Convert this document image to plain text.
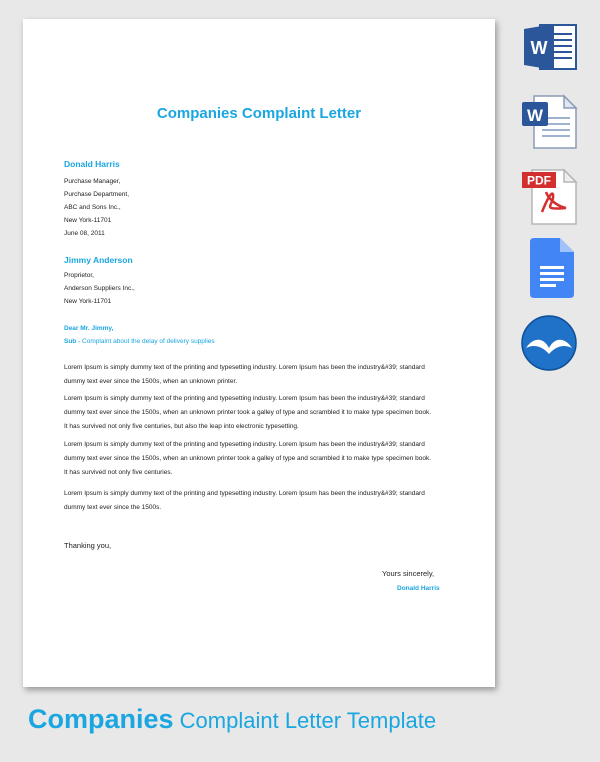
Companies Complaint Letter
Donald Harris
Purchase Manager,
Purchase Department,
ABC and Sons Inc.,
New York-11701
June 08, 2011
Jimmy Anderson
Proprietor,
Anderson Suppliers Inc.,
New York-11701
Dear Mr. Jimmy,
Sub - Complaint about the delay of delivery supplies
Lorem Ipsum is simply dummy text of the printing and typesetting industry. Lorem Ipsum has been the industry&#39; standard
dummy text ever since the 1500s, when an unknown printer.
Lorem Ipsum is simply dummy text of the printing and typesetting industry. Lorem Ipsum has been the industry&#39; standard
dummy text ever since the 1500s, when an unknown printer took a galley of type and scrambled it to make type specimen book.
It has survived not only five centuries, but also the leap into electronic typesetting.
Lorem Ipsum is simply dummy text of the printing and typesetting industry. Lorem Ipsum has been the industry&#39; standard
dummy text ever since the 1500s, when an unknown printer took a galley of type and scrambled it to make type specimen book.
It has survived not only five centuries.
Lorem Ipsum is simply dummy text of the printing and typesetting industry. Lorem Ipsum has been the industry&#39; standard
dummy text ever since the 1500s.
Thanking you,
Yours sincerely,
Donald Harris
W
W
PDF
Companies Complaint Letter Template
